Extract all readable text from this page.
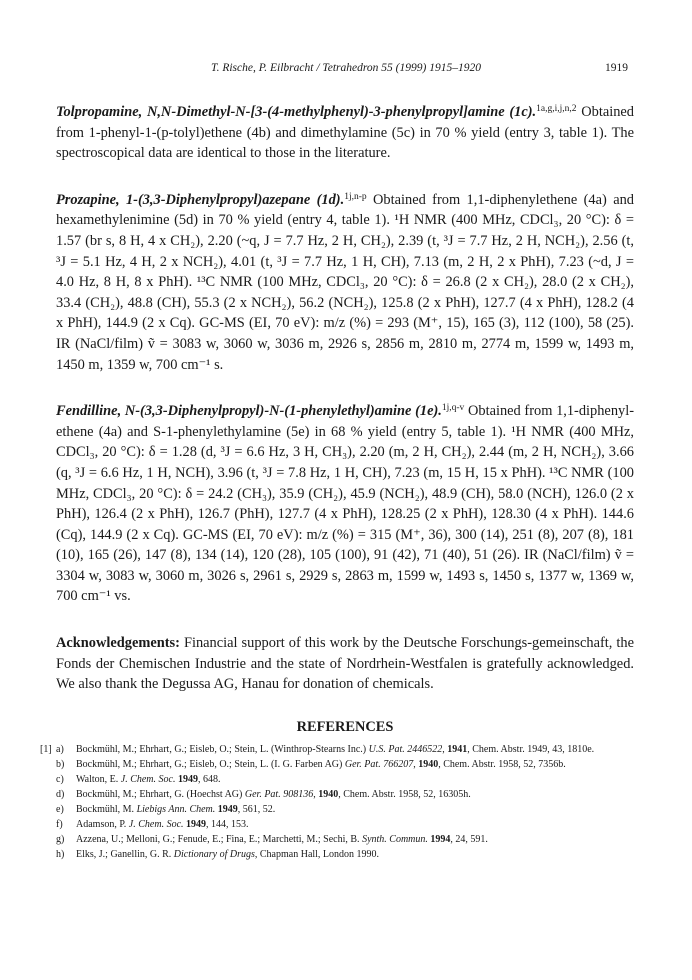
T. Rische, P. Eilbracht / Tetrahedron 55 (1999) 1915–1920	1919

Tolpropamine, N,N-Dimethyl-N-[3-(4-methylphenyl)-3-phenylpropyl]amine (1c).$^{1a,g,i,j,n,2}$ Obtained from 1-phenyl-1-(p-tolyl)ethene (4b) and dimethylamine (5c) in 70 % yield (entry 3, table 1). The spectroscopical data are identical to those in the literature.

Prozapine, 1-(3,3-Diphenylpropyl)azepane (1d).$^{1j,n-p}$ Obtained from 1,1-diphenylethene (4a) and hexamethylenimine (5d) in 70 % yield (entry 4, table 1). ¹H NMR (400 MHz, CDCl₃, 20 °C): δ = 1.57 (br s, 8 H, 4 x CH₂), 2.20 (~q, J = 7.7 Hz, 2 H, CH₂), 2.39 (t, ³J = 7.7 Hz, 2 H, NCH₂), 2.56 (t, ³J = 5.1 Hz, 4 H, 2 x NCH₂), 4.01 (t, ³J = 7.7 Hz, 1 H, CH), 7.13 (m, 2 H, 2 x PhH), 7.23 (~d, J = 4.0 Hz, 8 H, 8 x PhH). ¹³C NMR (100 MHz, CDCl₃, 20 °C): δ = 26.8 (2 x CH₂), 28.0 (2 x CH₂), 33.4 (CH₂), 48.8 (CH), 55.3 (2 x NCH₂), 56.2 (NCH₂), 125.8 (2 x PhH), 127.7 (4 x PhH), 128.2 (4 x PhH), 144.9 (2 x Cq). GC-MS (EI, 70 eV): m/z (%) = 293 (M⁺, 15), 165 (3), 112 (100), 58 (25). IR (NaCl/film) ṽ = 3083 w, 3060 w, 3036 m, 2926 s, 2856 m, 2810 m, 2774 m, 1599 w, 1493 m, 1450 m, 1359 w, 700 cm⁻¹ s.

Fendilline, N-(3,3-Diphenylpropyl)-N-(1-phenylethyl)amine (1e).$^{1j,q-v}$ Obtained from 1,1-diphenyl-ethene (4a) and S-1-phenylethylamine (5e) in 68 % yield (entry 5, table 1). ¹H NMR (400 MHz, CDCl₃, 20 °C): δ = 1.28 (d, ³J = 6.6 Hz, 3 H, CH₃), 2.20 (m, 2 H, CH₂), 2.44 (m, 2 H, NCH₂), 3.66 (q, ³J = 6.6 Hz, 1 H, NCH), 3.96 (t, ³J = 7.8 Hz, 1 H, CH), 7.23 (m, 15 H, 15 x PhH). ¹³C NMR (100 MHz, CDCl₃, 20 °C): δ = 24.2 (CH₃), 35.9 (CH₂), 45.9 (NCH₂), 48.9 (CH), 58.0 (NCH), 126.0 (2 x PhH), 126.4 (2 x PhH), 126.7 (PhH), 127.7 (4 x PhH), 128.25 (2 x PhH), 128.30 (4 x PhH). 144.6 (Cq), 144.9 (2 x Cq). GC-MS (EI, 70 eV): m/z (%) = 315 (M⁺, 36), 300 (14), 251 (8), 207 (8), 181 (10), 165 (26), 147 (8), 134 (14), 120 (28), 105 (100), 91 (42), 71 (40), 51 (26). IR (NaCl/film) ṽ = 3304 w, 3083 w, 3060 m, 3026 s, 2961 s, 2929 s, 2863 m, 1599 w, 1493 s, 1450 s, 1377 w, 1369 w, 700 cm⁻¹ vs.

Acknowledgements: Financial support of this work by the Deutsche Forschungs-gemeinschaft, the Fonds der Chemischen Industrie and the state of Nordrhein-Westfalen is gratefully acknowledged. We also thank the Degussa AG, Hanau for donation of chemicals.

REFERENCES
[1] a) Bockmühl, M.; Ehrhart, G.; Eisleb, O.; Stein, L. (Winthrop-Stearns Inc.) U.S. Pat. 2446522, 1941, Chem. Abstr. 1949, 43, 1810e.
b) Bockmühl, M.; Ehrhart, G.; Eisleb, O.; Stein, L. (I. G. Farben AG) Ger. Pat. 766207, 1940, Chem. Abstr. 1958, 52, 7356b.
c) Walton, E. J. Chem. Soc. 1949, 648.
d) Bockmühl, M.; Ehrhart, G. (Hoechst AG) Ger. Pat. 908136, 1940, Chem. Abstr. 1958, 52, 16305h.
e) Bockmühl, M. Liebigs Ann. Chem. 1949, 561, 52.
f) Adamson, P. J. Chem. Soc. 1949, 144, 153.
g) Azzena, U.; Melloni, G.; Fenude, E.; Fina, E.; Marchetti, M.; Sechi, B. Synth. Commun. 1994, 24, 591.
h) Elks, J.; Ganellin, G. R. Dictionary of Drugs, Chapman Hall, London 1990.
